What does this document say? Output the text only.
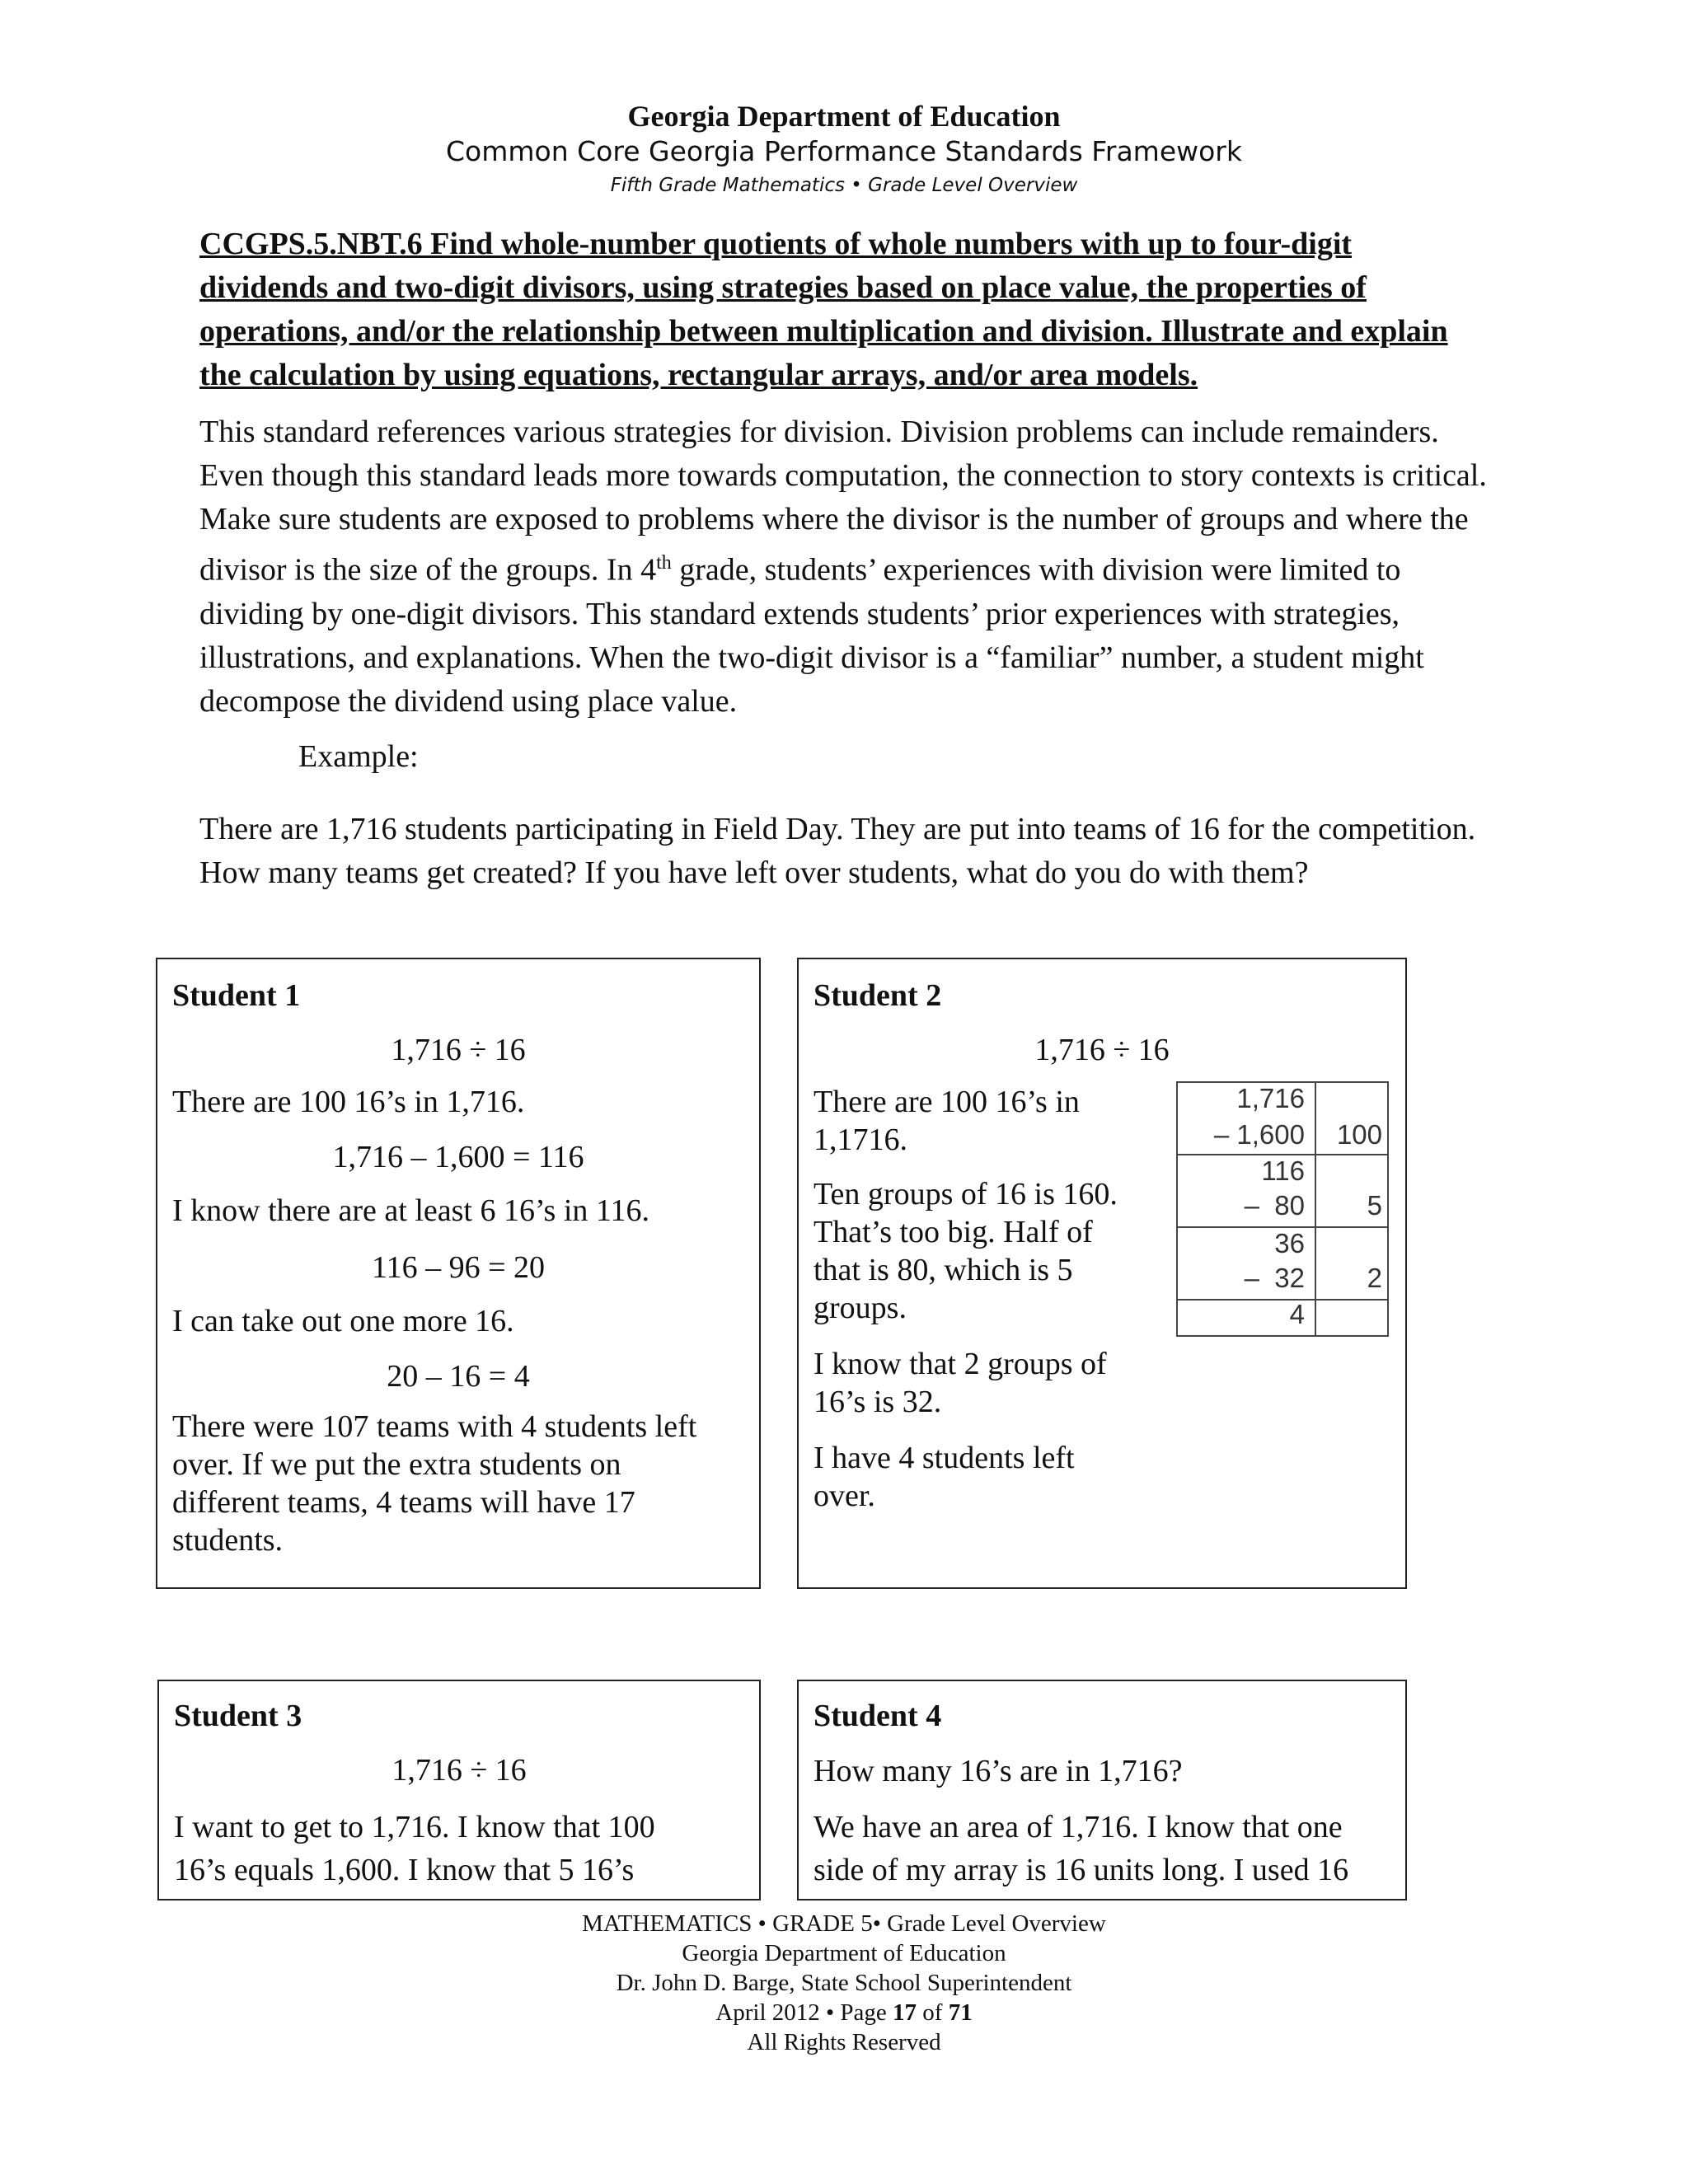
Georgia Department of Education
Common Core Georgia Performance Standards Framework
Fifth Grade Mathematics • Grade Level Overview
CCGPS.5.NBT.6 Find whole-number quotients of whole numbers with up to four-digit dividends and two-digit divisors, using strategies based on place value, the properties of operations, and/or the relationship between multiplication and division. Illustrate and explain the calculation by using equations, rectangular arrays, and/or area models.
This standard references various strategies for division. Division problems can include remainders. Even though this standard leads more towards computation, the connection to story contexts is critical. Make sure students are exposed to problems where the divisor is the number of groups and where the divisor is the size of the groups. In 4th grade, students’ experiences with division were limited to dividing by one-digit divisors. This standard extends students’ prior experiences with strategies, illustrations, and explanations. When the two-digit divisor is a “familiar” number, a student might decompose the dividend using place value.
Example:
There are 1,716 students participating in Field Day. They are put into teams of 16 for the competition. How many teams get created? If you have left over students, what do you do with them?
Student 1
1,716 ÷ 16
There are 100 16’s in 1,716.
1,716 – 1,600 = 116
I know there are at least 6 16’s in 116.
116 – 96 = 20
I can take out one more 16.
20 – 16 = 4
There were 107 teams with 4 students left
over. If we put the extra students on
different teams, 4 teams will have 17
students.
Student 2
1,716 ÷ 16
There are 100 16’s in
1,1716.
Ten groups of 16 is 160.
That’s too big. Half of
that is 80, which is 5
groups.
I know that 2 groups of
16’s is 32.
I have 4 students left
over.
1,716
– 1,600 100
116
–  80 5
36
–  32 2
4
Student 3
1,716 ÷ 16
I want to get to 1,716. I know that 100
16’s equals 1,600. I know that 5 16’s
Student 4
How many 16’s are in 1,716?
We have an area of 1,716. I know that one
side of my array is 16 units long. I used 16
MATHEMATICS • GRADE 5• Grade Level Overview
Georgia Department of Education
Dr. John D. Barge, State School Superintendent
April 2012 • Page 17 of 71
All Rights Reserved
